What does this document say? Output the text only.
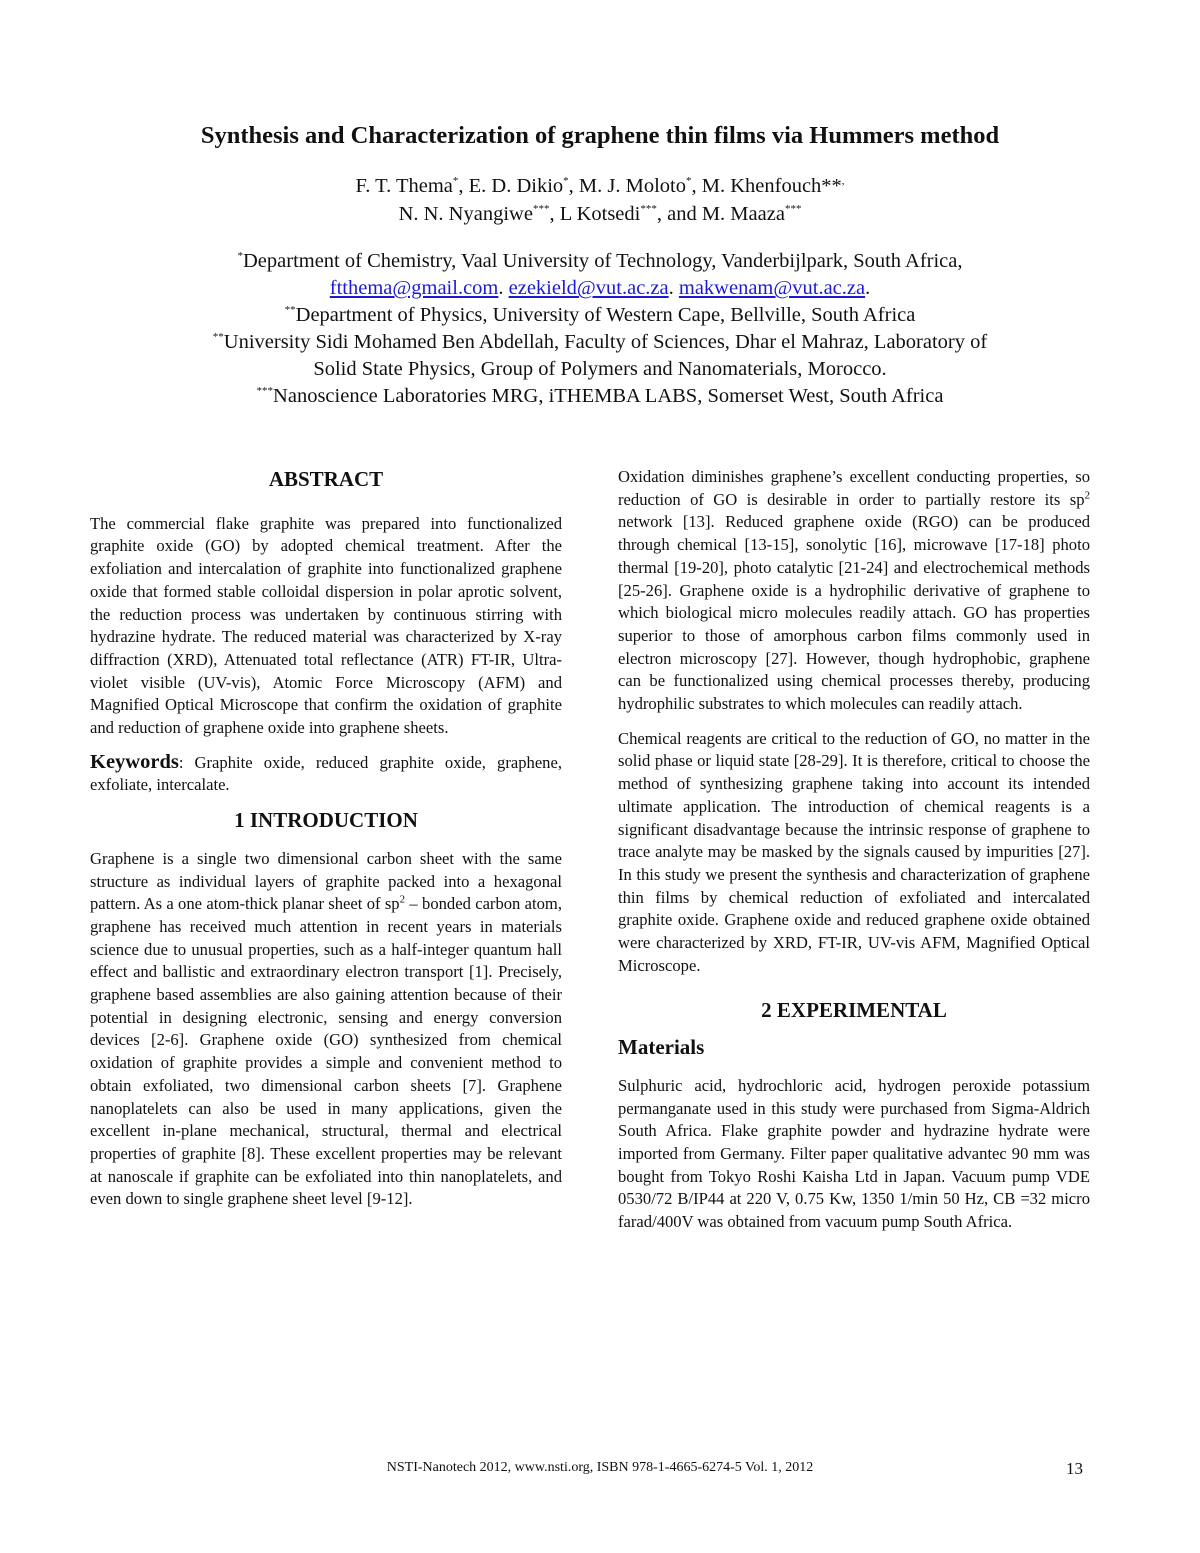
Synthesis and Characterization of graphene thin films via Hummers method
F. T. Thema*, E. D. Dikio*, M. J. Moloto*, M. Khenfouch**,
N. N. Nyangiwe***, L Kotsedi***, and M. Maaza***
*Department of Chemistry, Vaal University of Technology, Vanderbijlpark, South Africa,
ftthema@gmail.com. ezekield@vut.ac.za. makwenam@vut.ac.za.
**Department of Physics, University of Western Cape, Bellville, South Africa
**University Sidi Mohamed Ben Abdellah, Faculty of Sciences, Dhar el Mahraz, Laboratory of
Solid State Physics, Group of Polymers and Nanomaterials, Morocco.
***Nanoscience Laboratories MRG, iTHEMBA LABS, Somerset West, South Africa
ABSTRACT

The commercial flake graphite was prepared into functionalized graphite oxide (GO) by adopted chemical treatment. After the exfoliation and intercalation of graphite into functionalized graphene oxide that formed stable colloidal dispersion in polar aprotic solvent, the reduction process was undertaken by continuous stirring with hydrazine hydrate. The reduced material was characterized by X-ray diffraction (XRD), Attenuated total reflectance (ATR) FT-IR, Ultra-violet visible (UV-vis), Atomic Force Microscopy (AFM) and Magnified Optical Microscope that confirm the oxidation of graphite and reduction of graphene oxide into graphene sheets.

Keywords: Graphite oxide, reduced graphite oxide, graphene, exfoliate, intercalate.

1 INTRODUCTION

Graphene is a single two dimensional carbon sheet with the same structure as individual layers of graphite packed into a hexagonal pattern. As a one atom-thick planar sheet of $sp^2$ – bonded carbon atom, graphene has received much attention in recent years in materials science due to unusual properties, such as a half-integer quantum hall effect and ballistic and extraordinary electron transport [1]. Precisely, graphene based assemblies are also gaining attention because of their potential in designing electronic, sensing and energy conversion devices [2-6]. Graphene oxide (GO) synthesized from chemical oxidation of graphite provides a simple and convenient method to obtain exfoliated, two dimensional carbon sheets [7]. Graphene nanoplatelets can also be used in many applications, given the excellent in-plane mechanical, structural, thermal and electrical properties of graphite [8]. These excellent properties may be relevant at nanoscale if graphite can be exfoliated into thin nanoplatelets, and even down to single graphene sheet level [9-12].

Oxidation diminishes graphene’s excellent conducting properties, so reduction of GO is desirable in order to partially restore its $sp^2$ network [13]. Reduced graphene oxide (RGO) can be produced through chemical [13-15], sonolytic [16], microwave [17-18] photo thermal [19-20], photo catalytic [21-24] and electrochemical methods [25-26]. Graphene oxide is a hydrophilic derivative of graphene to which biological micro molecules readily attach. GO has properties superior to those of amorphous carbon films commonly used in electron microscopy [27]. However, though hydrophobic, graphene can be functionalized using chemical processes thereby, producing hydrophilic substrates to which molecules can readily attach.

Chemical reagents are critical to the reduction of GO, no matter in the solid phase or liquid state [28-29]. It is therefore, critical to choose the method of synthesizing graphene taking into account its intended ultimate application. The introduction of chemical reagents is a significant disadvantage because the intrinsic response of graphene to trace analyte may be masked by the signals caused by impurities [27]. In this study we present the synthesis and characterization of graphene thin films by chemical reduction of exfoliated and intercalated graphite oxide. Graphene oxide and reduced graphene oxide obtained were characterized by XRD, FT-IR, UV-vis AFM, Magnified Optical Microscope.

2 EXPERIMENTAL
Materials

Sulphuric acid, hydrochloric acid, hydrogen peroxide potassium permanganate used in this study were purchased from Sigma-Aldrich South Africa. Flake graphite powder and hydrazine hydrate were imported from Germany. Filter paper qualitative advantec 90 mm was bought from Tokyo Roshi Kaisha Ltd in Japan. Vacuum pump VDE 0530/72 B/IP44 at 220 V, 0.75 Kw, 1350 1/min 50 Hz, CB =32 micro farad/400V was obtained from vacuum pump South Africa.

NSTI-Nanotech 2012, www.nsti.org, ISBN 978-1-4665-6274-5 Vol. 1, 2012	13
